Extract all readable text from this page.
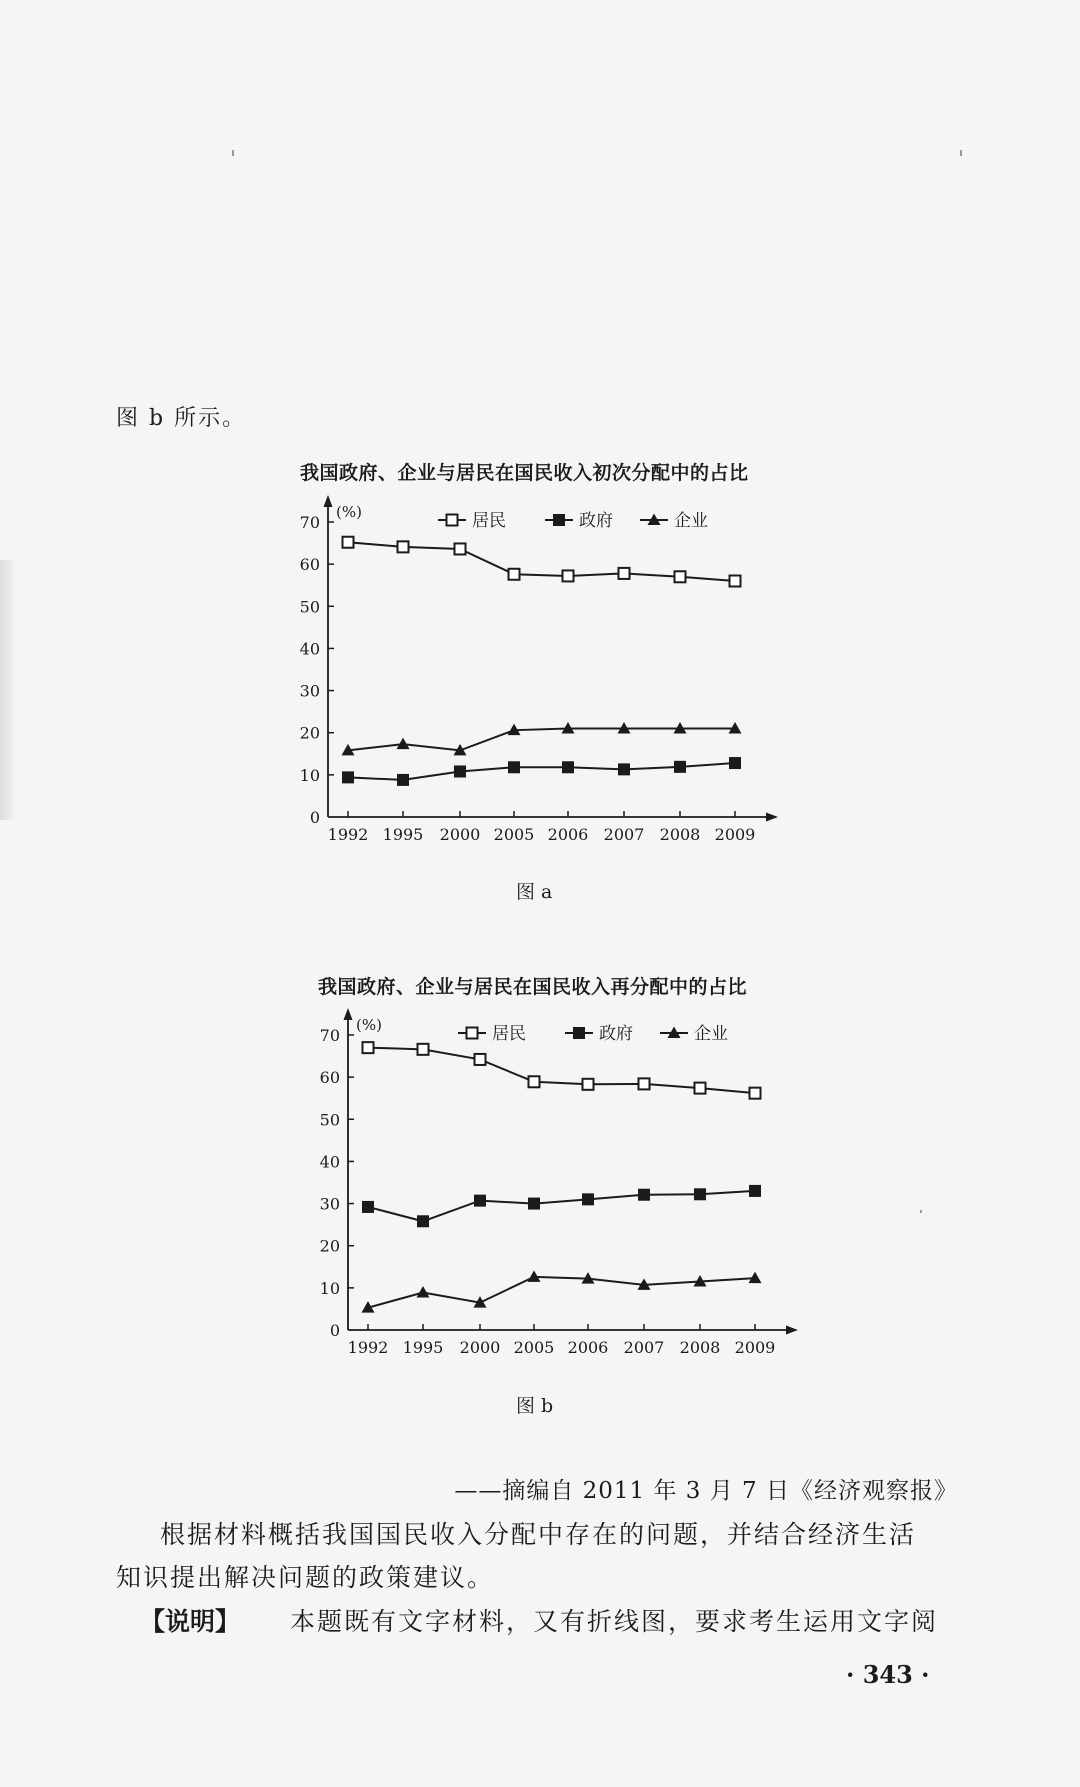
图 b 所示。
我国政府、企业与居民在国民收入初次分配中的占比
(%)
0
10
20
30
40
50
60
70
1992 1995 2000 2005 2006 2007 2008 2009
居民	政府	企业
图 a
我国政府、企业与居民在国民收入再分配中的占比
(%)
0
10
20
30
40
50
60
70
1992 1995 2000 2005 2006 2007 2008 2009
居民	政府	企业
图 b
——摘编自 2011 年 3 月 7 日《经济观察报》
根据材料概括我国国民收入分配中存在的问题，并结合经济生活
知识提出解决问题的政策建议。
【说明】 本题既有文字材料，又有折线图，要求考生运用文字阅
· 343 ·
